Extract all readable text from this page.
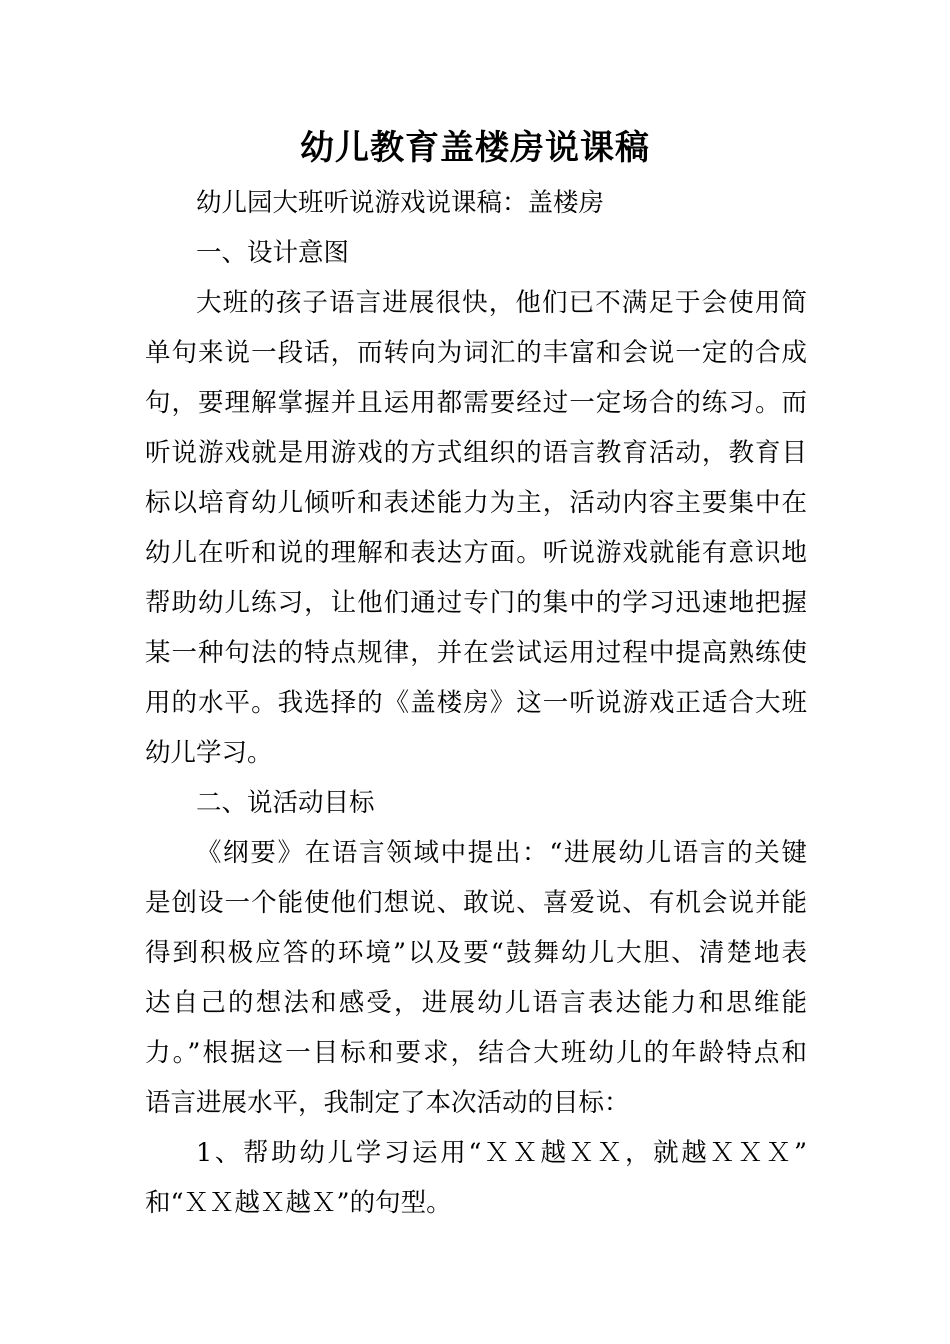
幼儿教育盖楼房说课稿
幼儿园大班听说游戏说课稿：盖楼房
一、设计意图
大班的孩子语言进展很快，他们已不满足于会使用简
单句来说一段话，而转向为词汇的丰富和会说一定的合成
句，要理解掌握并且运用都需要经过一定场合的练习。而
听说游戏就是用游戏的方式组织的语言教育活动，教育目
标以培育幼儿倾听和表述能力为主，活动内容主要集中在
幼儿在听和说的理解和表达方面。听说游戏就能有意识地
帮助幼儿练习，让他们通过专门的集中的学习迅速地把握
某一种句法的特点规律，并在尝试运用过程中提高熟练使
用的水平。我选择的《盖楼房》这一听说游戏正适合大班
幼儿学习。
二、说活动目标
《纲要》在语言领域中提出：“进展幼儿语言的关键
是创设一个能使他们想说、敢说、喜爱说、有机会说并能
得到积极应答的环境”以及要“鼓舞幼儿大胆、清楚地表
达自己的想法和感受，进展幼儿语言表达能力和思维能
力。”根据这一目标和要求，结合大班幼儿的年龄特点和
语言进展水平，我制定了本次活动的目标：
1、帮助幼儿学习运用“ＸＸ越ＸＸ，就越ＸＸＸ”
和“ＸＸ越Ｘ越Ｘ”的句型。
